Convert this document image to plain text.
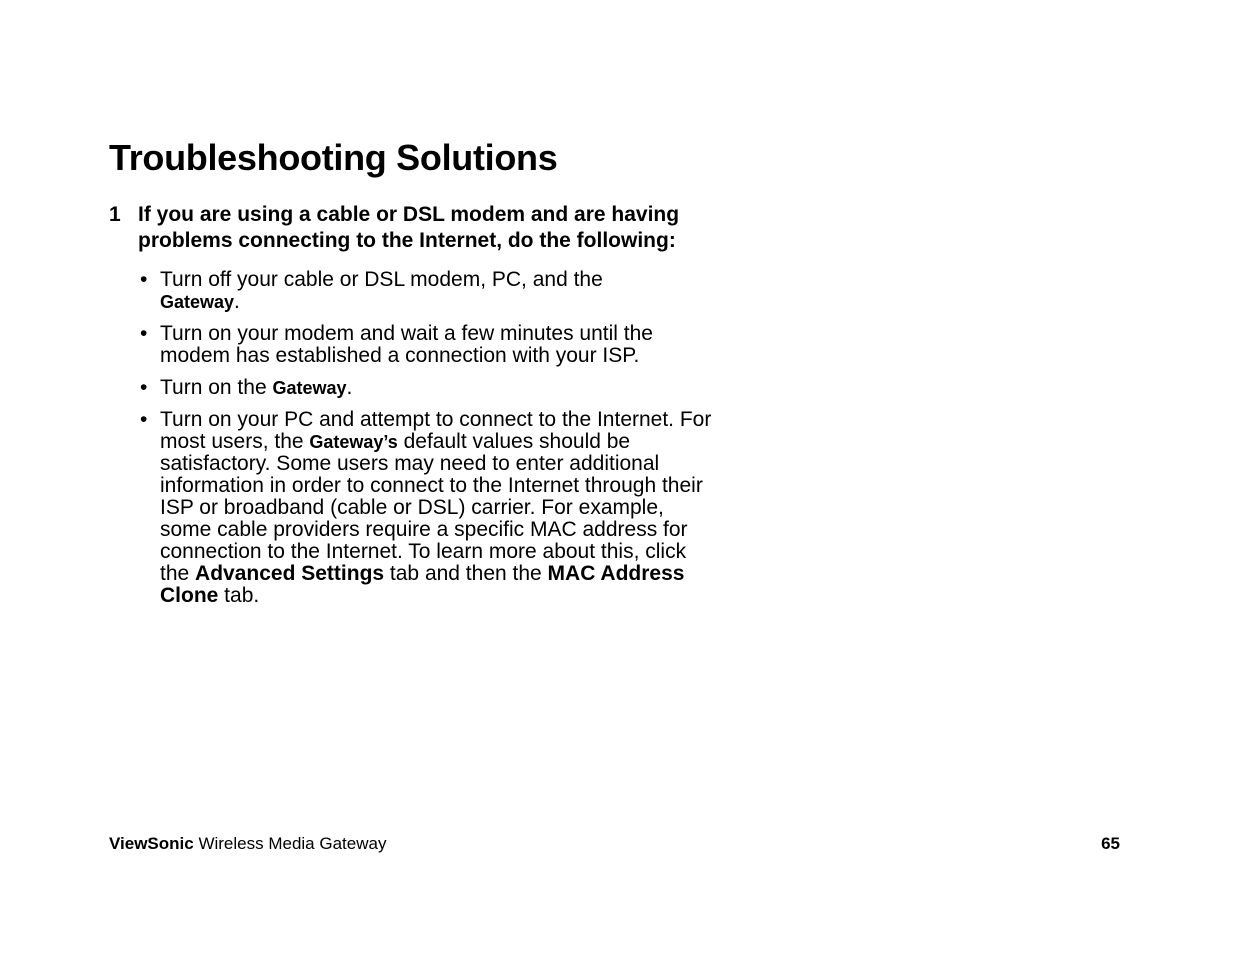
Troubleshooting Solutions
1 If you are using a cable or DSL modem and are having problems connecting to the Internet, do the following:

• Turn off your cable or DSL modem, PC, and the
Gateway.
• Turn on your modem and wait a few minutes until the modem has established a connection with your ISP.
• Turn on the Gateway.
• Turn on your PC and attempt to connect to the Internet. For most users, the Gateway’s default values should be satisfactory. Some users may need to enter additional information in order to connect to the Internet through their ISP or broadband (cable or DSL) carrier. For example, some cable providers require a specific MAC address for connection to the Internet. To learn more about this, click the Advanced Settings tab and then the MAC Address Clone tab.
ViewSonic Wireless Media Gateway	65
